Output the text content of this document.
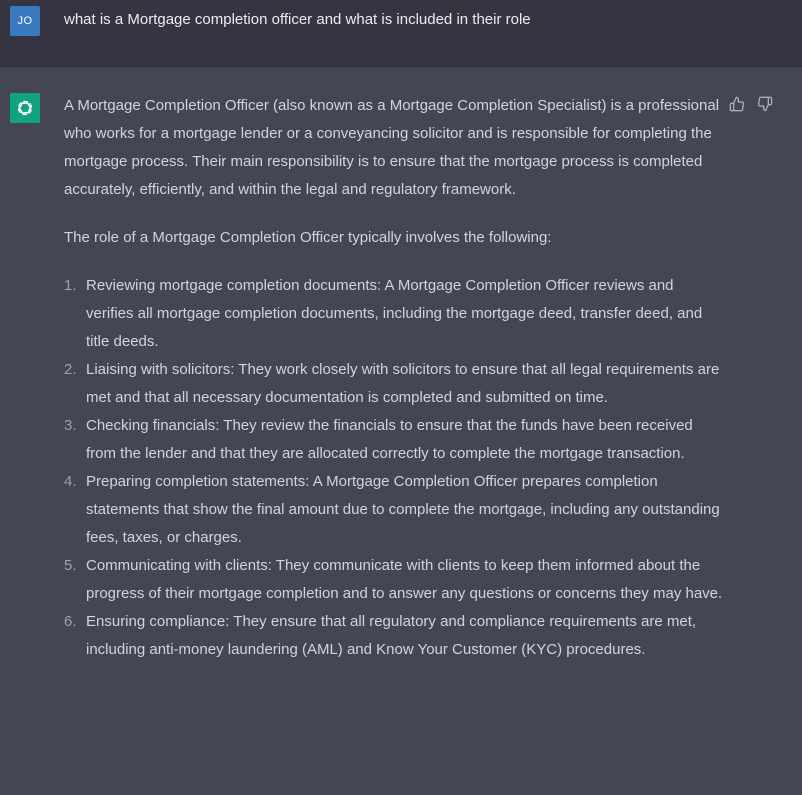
JO	what is a Mortgage completion officer and what is included in their role

A Mortgage Completion Officer (also known as a Mortgage Completion Specialist) is a professional who works for a mortgage lender or a conveyancing solicitor and is responsible for completing the mortgage process. Their main responsibility is to ensure that the mortgage process is completed accurately, efficiently, and within the legal and regulatory framework.

The role of a Mortgage Completion Officer typically involves the following:

1. Reviewing mortgage completion documents: A Mortgage Completion Officer reviews and verifies all mortgage completion documents, including the mortgage deed, transfer deed, and title deeds.
2. Liaising with solicitors: They work closely with solicitors to ensure that all legal requirements are met and that all necessary documentation is completed and submitted on time.
3. Checking financials: They review the financials to ensure that the funds have been received from the lender and that they are allocated correctly to complete the mortgage transaction.
4. Preparing completion statements: A Mortgage Completion Officer prepares completion statements that show the final amount due to complete the mortgage, including any outstanding fees, taxes, or charges.
5. Communicating with clients: They communicate with clients to keep them informed about the progress of their mortgage completion and to answer any questions or concerns they may have.
6. Ensuring compliance: They ensure that all regulatory and compliance requirements are met, including anti-money laundering (AML) and Know Your Customer (KYC) procedures.
